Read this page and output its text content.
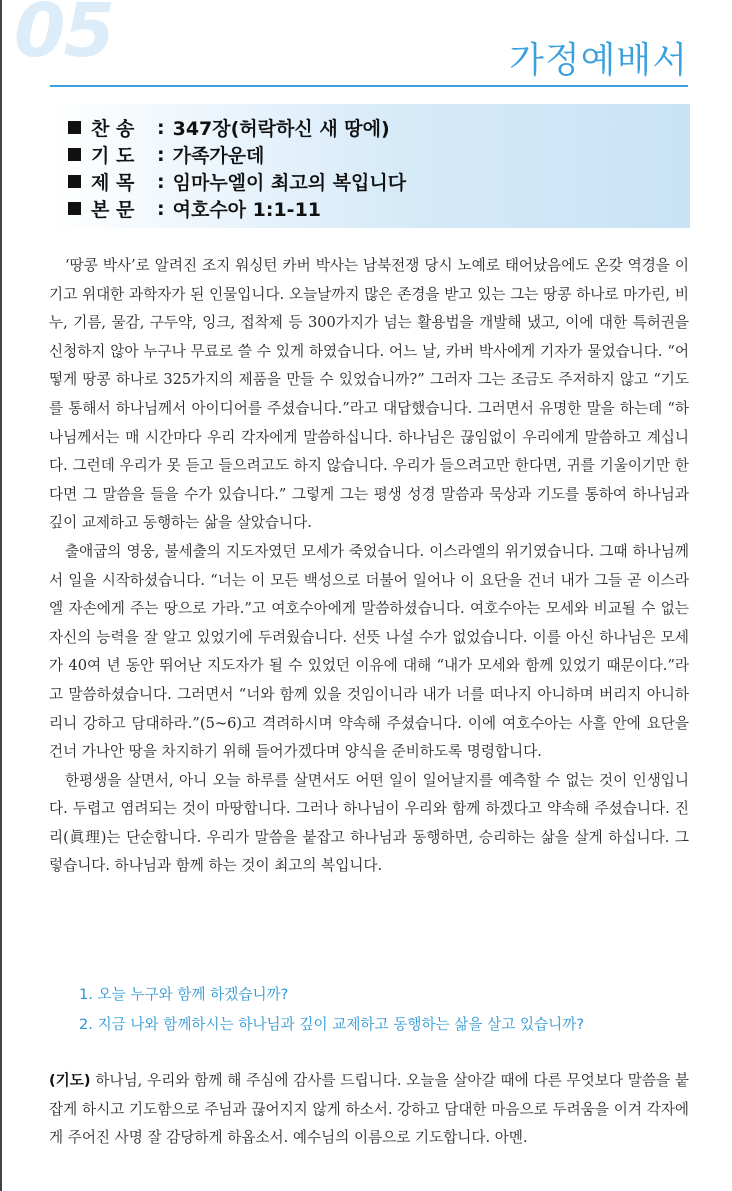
05	가정예배서
찬 송	: 347장(허락하신 새 땅에)
기 도	: 가족가운데
제 목	: 임마누엘이 최고의 복입니다
본 문	: 여호수아 1:1-11

‘땅콩 박사’로 알려진 조지 워싱턴 카버 박사는 남북전쟁 당시 노예로 태어났음에도 온갖 역경을 이기고 위대한 과학자가 된 인물입니다. 오늘날까지 많은 존경을 받고 있는 그는 땅콩 하나로 마가린, 비누, 기름, 물감, 구두약, 잉크, 접착제 등 300가지가 넘는 활용법을 개발해 냈고, 이에 대한 특허권을 신청하지 않아 누구나 무료로 쓸 수 있게 하였습니다. 어느 날, 카버 박사에게 기자가 물었습니다. “어떻게 땅콩 하나로 325가지의 제품을 만들 수 있었습니까?” 그러자 그는 조금도 주저하지 않고 “기도를 통해서 하나님께서 아이디어를 주셨습니다.”라고 대답했습니다. 그러면서 유명한 말을 하는데 “하나님께서는 매 시간마다 우리 각자에게 말씀하십니다. 하나님은 끊임없이 우리에게 말씀하고 계십니다. 그런데 우리가 못 듣고 들으려고도 하지 않습니다. 우리가 들으려고만 한다면, 귀를 기울이기만 한다면 그 말씀을 들을 수가 있습니다.” 그렇게 그는 평생 성경 말씀과 묵상과 기도를 통하여 하나님과 깊이 교제하고 동행하는 삶을 살았습니다.

출애굽의 영웅, 불세출의 지도자였던 모세가 죽었습니다. 이스라엘의 위기였습니다. 그때 하나님께서 일을 시작하셨습니다. “너는 이 모든 백성으로 더불어 일어나 이 요단을 건너 내가 그들 곧 이스라엘 자손에게 주는 땅으로 가라.”고 여호수아에게 말씀하셨습니다. 여호수아는 모세와 비교될 수 없는 자신의 능력을 잘 알고 있었기에 두려웠습니다. 선뜻 나설 수가 없었습니다. 이를 아신 하나님은 모세가 40여 년 동안 뛰어난 지도자가 될 수 있었던 이유에 대해 “내가 모세와 함께 있었기 때문이다.”라고 말씀하셨습니다. 그러면서 “너와 함께 있을 것임이니라 내가 너를 떠나지 아니하며 버리지 아니하리니 강하고 담대하라.”(5~6)고 격려하시며 약속해 주셨습니다. 이에 여호수아는 사흘 안에 요단을 건너 가나안 땅을 차지하기 위해 들어가겠다며 양식을 준비하도록 명령합니다.

한평생을 살면서, 아니 오늘 하루를 살면서도 어떤 일이 일어날지를 예측할 수 없는 것이 인생입니다. 두렵고 염려되는 것이 마땅합니다. 그러나 하나님이 우리와 함께 하겠다고 약속해 주셨습니다. 진리(眞理)는 단순합니다. 우리가 말씀을 붙잡고 하나님과 동행하면, 승리하는 삶을 살게 하십니다. 그렇습니다. 하나님과 함께 하는 것이 최고의 복입니다.

1. 오늘 누구와 함께 하겠습니까?
2. 지금 나와 함께하시는 하나님과 깊이 교제하고 동행하는 삶을 살고 있습니까?
(기도) 하나님, 우리와 함께 해 주심에 감사를 드립니다. 오늘을 살아갈 때에 다른 무엇보다 말씀을 붙잡게 하시고 기도함으로 주님과 끊어지지 않게 하소서. 강하고 담대한 마음으로 두려움을 이겨 각자에게 주어진 사명 잘 감당하게 하옵소서. 예수님의 이름으로 기도합니다. 아멘.
